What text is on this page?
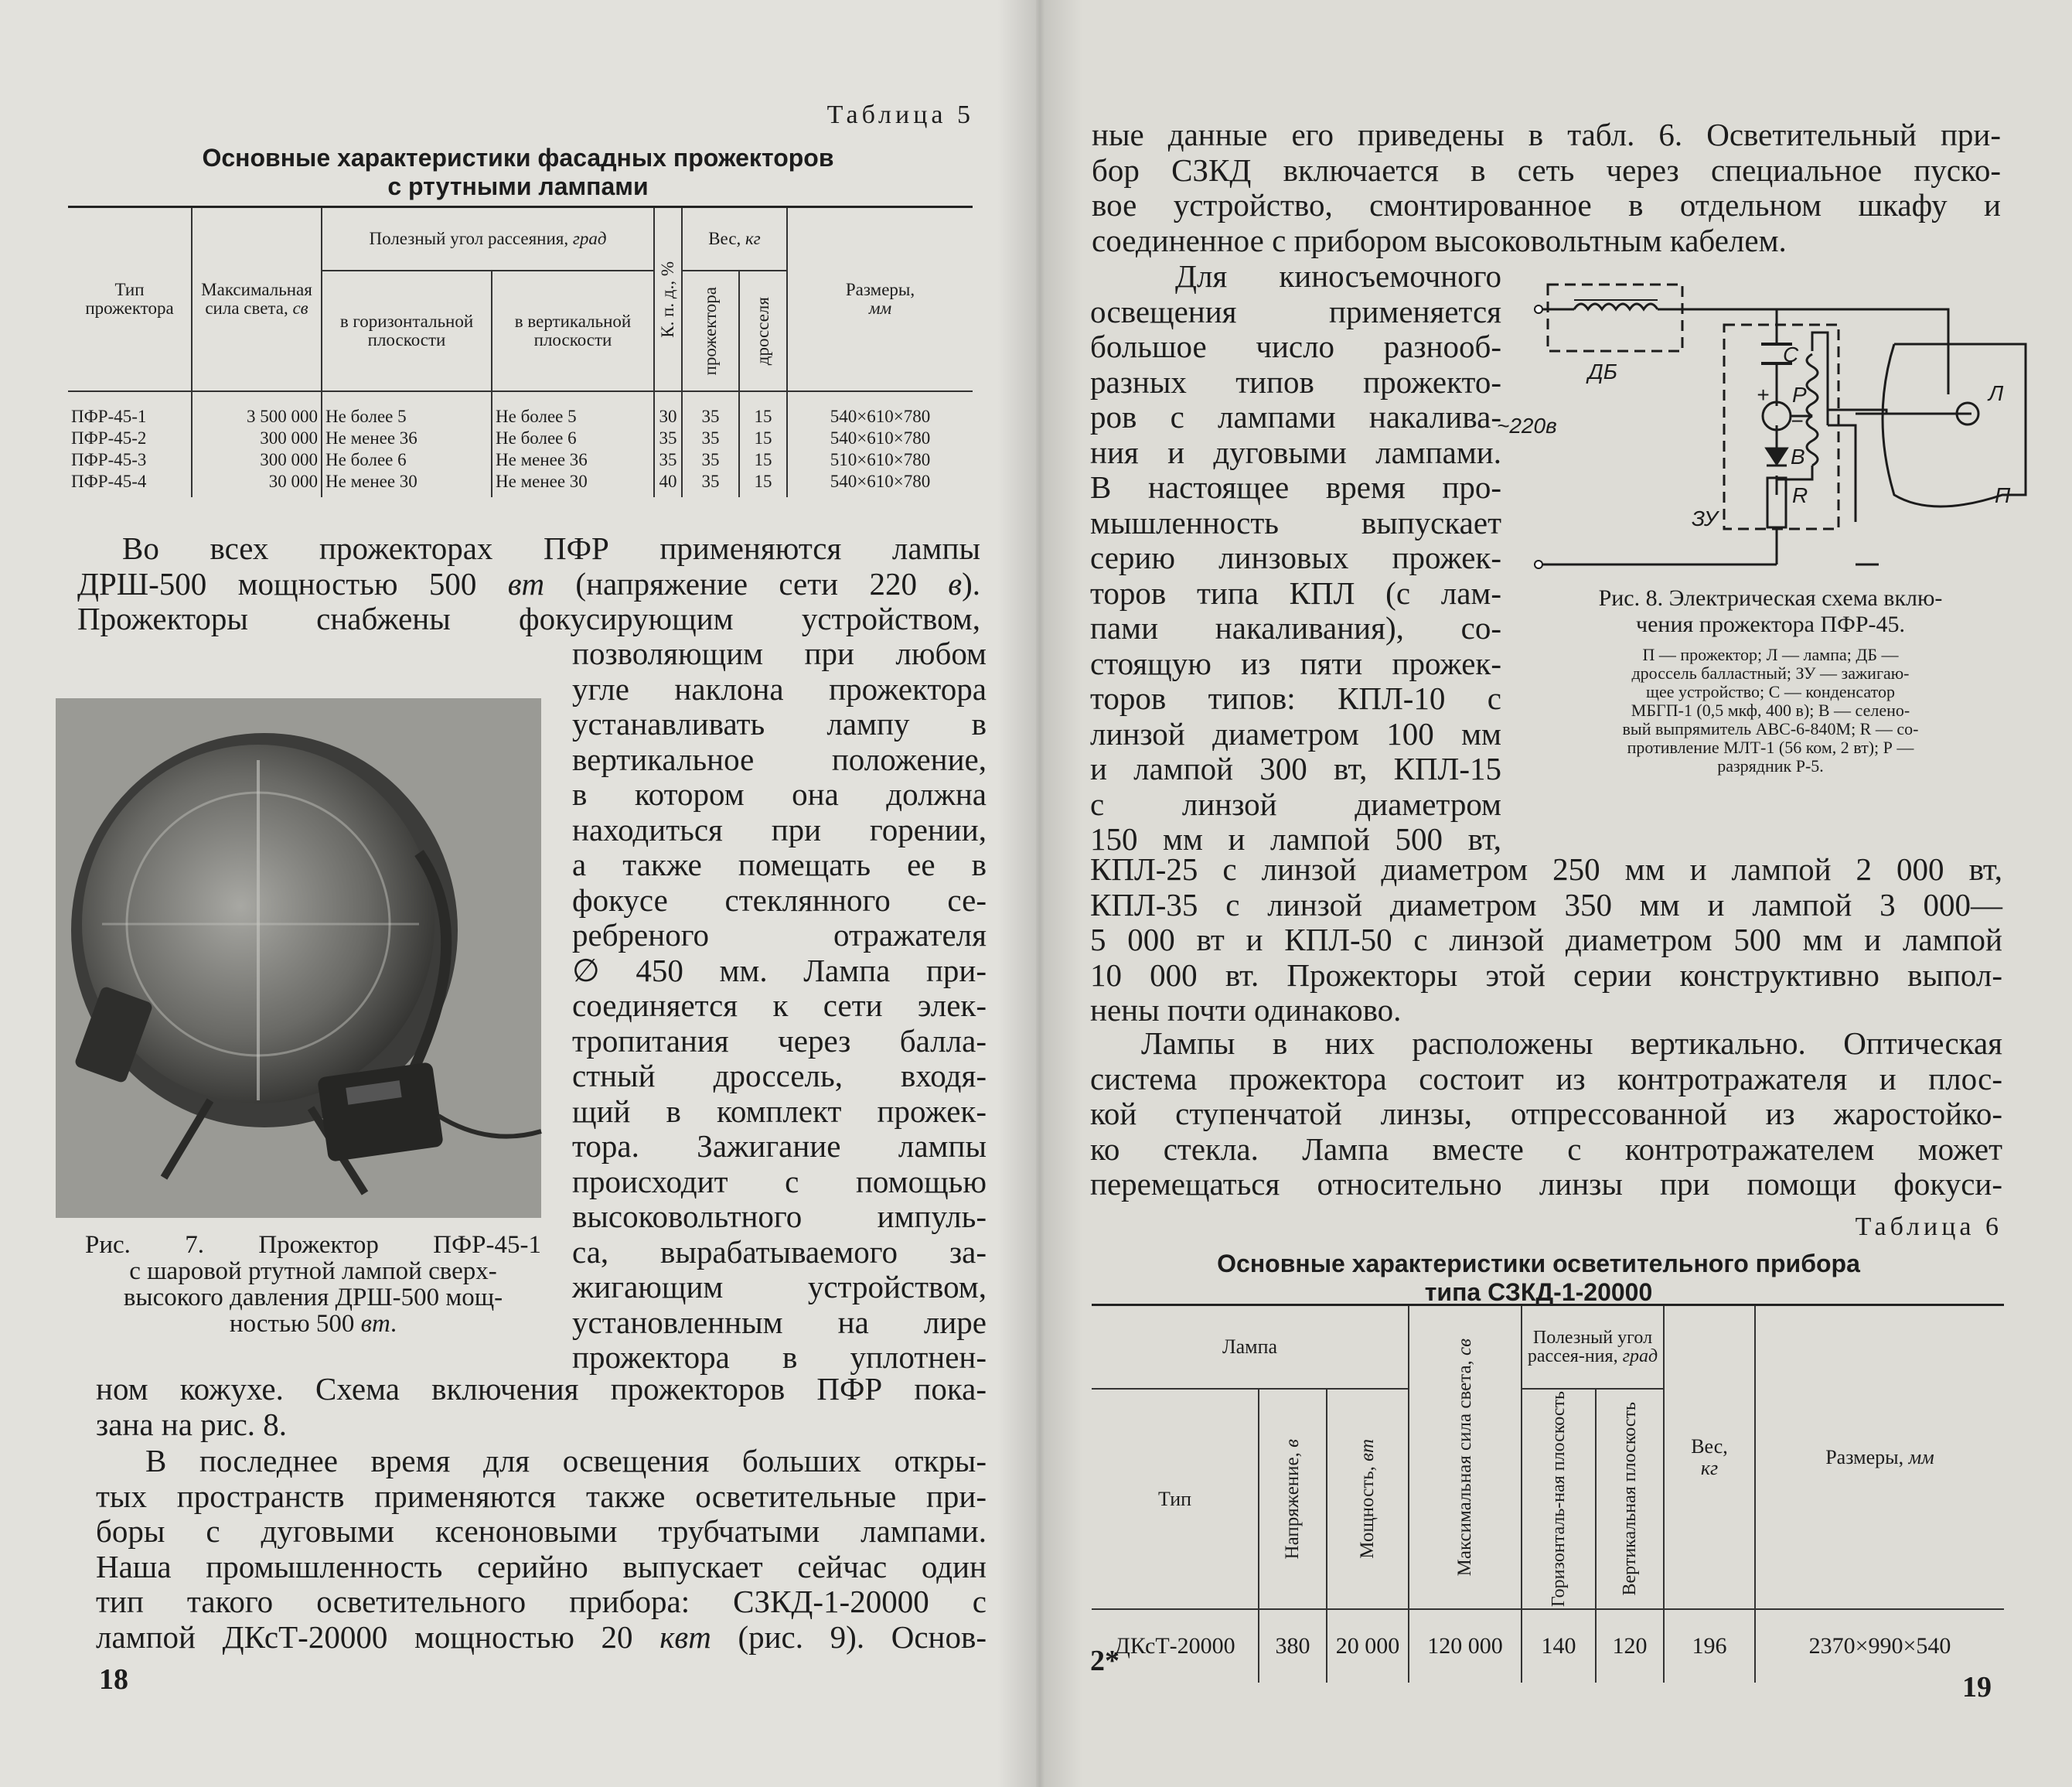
Таблица 5
Основные характеристики фасадных прожекторов
с ртутными лампами
Тип прожектора	Максимальная сила света, св	Полезный угол рассеяния, град		К. п. д., %	Вес, кг		Размеры,
мм
		в горизонтальной плоскости	в вертикальной плоскости		прожектора	дросселя	

ПФР-45-1	3 500 000	Не более 5	Не более 5	30	35	15	540×610×780
ПФР-45-2	300 000	Не менее 36	Не более 6	35	35	15	540×610×780
ПФР-45-3	300 000	Не более 6	Не менее 36	35	35	15	510×610×780
ПФР-45-4	30 000	Не менее 30	Не менее 30	40	35	15	540×610×780
Во всех прожекторах ПФР применяются лампы
ДРШ-500 мощностью 500 вт (напряжение сети 220 в).
Прожекторы снабжены фокусирующим устройством,
позволяющим при любом
угле наклона прожектора
устанавливать лампу в
вертикальное положение,
в котором она должна
находиться при горении,
а также помещать ее в
фокусе стеклянного се-
ребреного отражателя
∅ 450 мм. Лампа при-
соединяется к сети элек-
тропитания через балла-
стный дроссель, входя-
щий в комплект прожек-
тора. Зажигание лампы
происходит с помощью
высоковольтного импуль-
са, вырабатываемого за-
жигающим устройством,
установленным на лире
прожектора в уплотнен-
Рис. 7. Прожектор ПФР-45-1
с шаровой ртутной лампой сверх-
высокого давления ДРШ-500 мощ-
ностью 500 вт.
ном кожухе. Схема включения прожекторов ПФР пока-
зана на рис. 8.
В последнее время для освещения больших откры-
тых пространств применяются также осветительные при-
боры с дуговыми ксеноновыми трубчатыми лампами.
Наша промышленность серийно выпускает сейчас один
тип такого осветительного прибора: СЗКД-1-20000 с
лампой ДКсТ-20000 мощностью 20 квт (рис. 9). Основ-
18
ные данные его приведены в табл. 6. Осветительный при-
бор СЗКД включается в сеть через специальное пуско-
вое устройство, смонтированное в отдельном шкафу и
соединенное с прибором высоковольтным кабелем.
Для киносъемочного
освещения применяется
большое число разнооб-
разных типов прожекто-
ров с лампами накалива-
ния и дуговыми лампами.
В настоящее время про-
мышленность выпускает
серию линзовых прожек-
торов типа КПЛ (с лам-
пами накаливания), со-
стоящую из пяти прожек-
торов типов: КПЛ-10 с
линзой диаметром 100 мм
и лампой 300 вт, КПЛ-15
с линзой диаметром
150 мм и лампой 500 вт,
ДБ
~220в
С
Р
+
−
В
R
ЗУ
Л
П
Рис. 8. Электрическая схема вклю-
чения прожектора ПФР-45.
П — прожектор; Л — лампа; ДБ —
дроссель балластный; ЗУ — зажигаю-
щее устройство; С — конденсатор
МБГП-1 (0,5 мкф, 400 в); В — селено-
вый выпрямитель АВС-6-840М; R — со-
противление МЛТ-1 (56 ком, 2 вт); Р —
разрядник Р-5.
КПЛ-25 с линзой диаметром 250 мм и лампой 2 000 вт,
КПЛ-35 с линзой диаметром 350 мм и лампой 3 000—
5 000 вт и КПЛ-50 с линзой диаметром 500 мм и лампой
10 000 вт. Прожекторы этой серии конструктивно выпол-
нены почти одинаково.
Лампы в них расположены вертикально. Оптическая
система прожектора состоит из контротражателя и плос-
кой ступенчатой линзы, отпрессованной из жаростойко-
ко стекла. Лампа вместе с контротражателем может
перемещаться относительно линзы при помощи фокуси-
Таблица 6
Основные характеристики осветительного прибора
типа СЗКД-1-20000
Лампа			Максимальная сила света, св	Полезный угол рассея-ния, град		Вес,
кг	Размеры, мм
Тип	Напряжение, в	Мощность, вт		Горизонталь-ная плоскость	Вертикальная плоскость		

ДКсТ-20000	380	20 000	120 000	140	120	196	2370×990×540
2*
19
